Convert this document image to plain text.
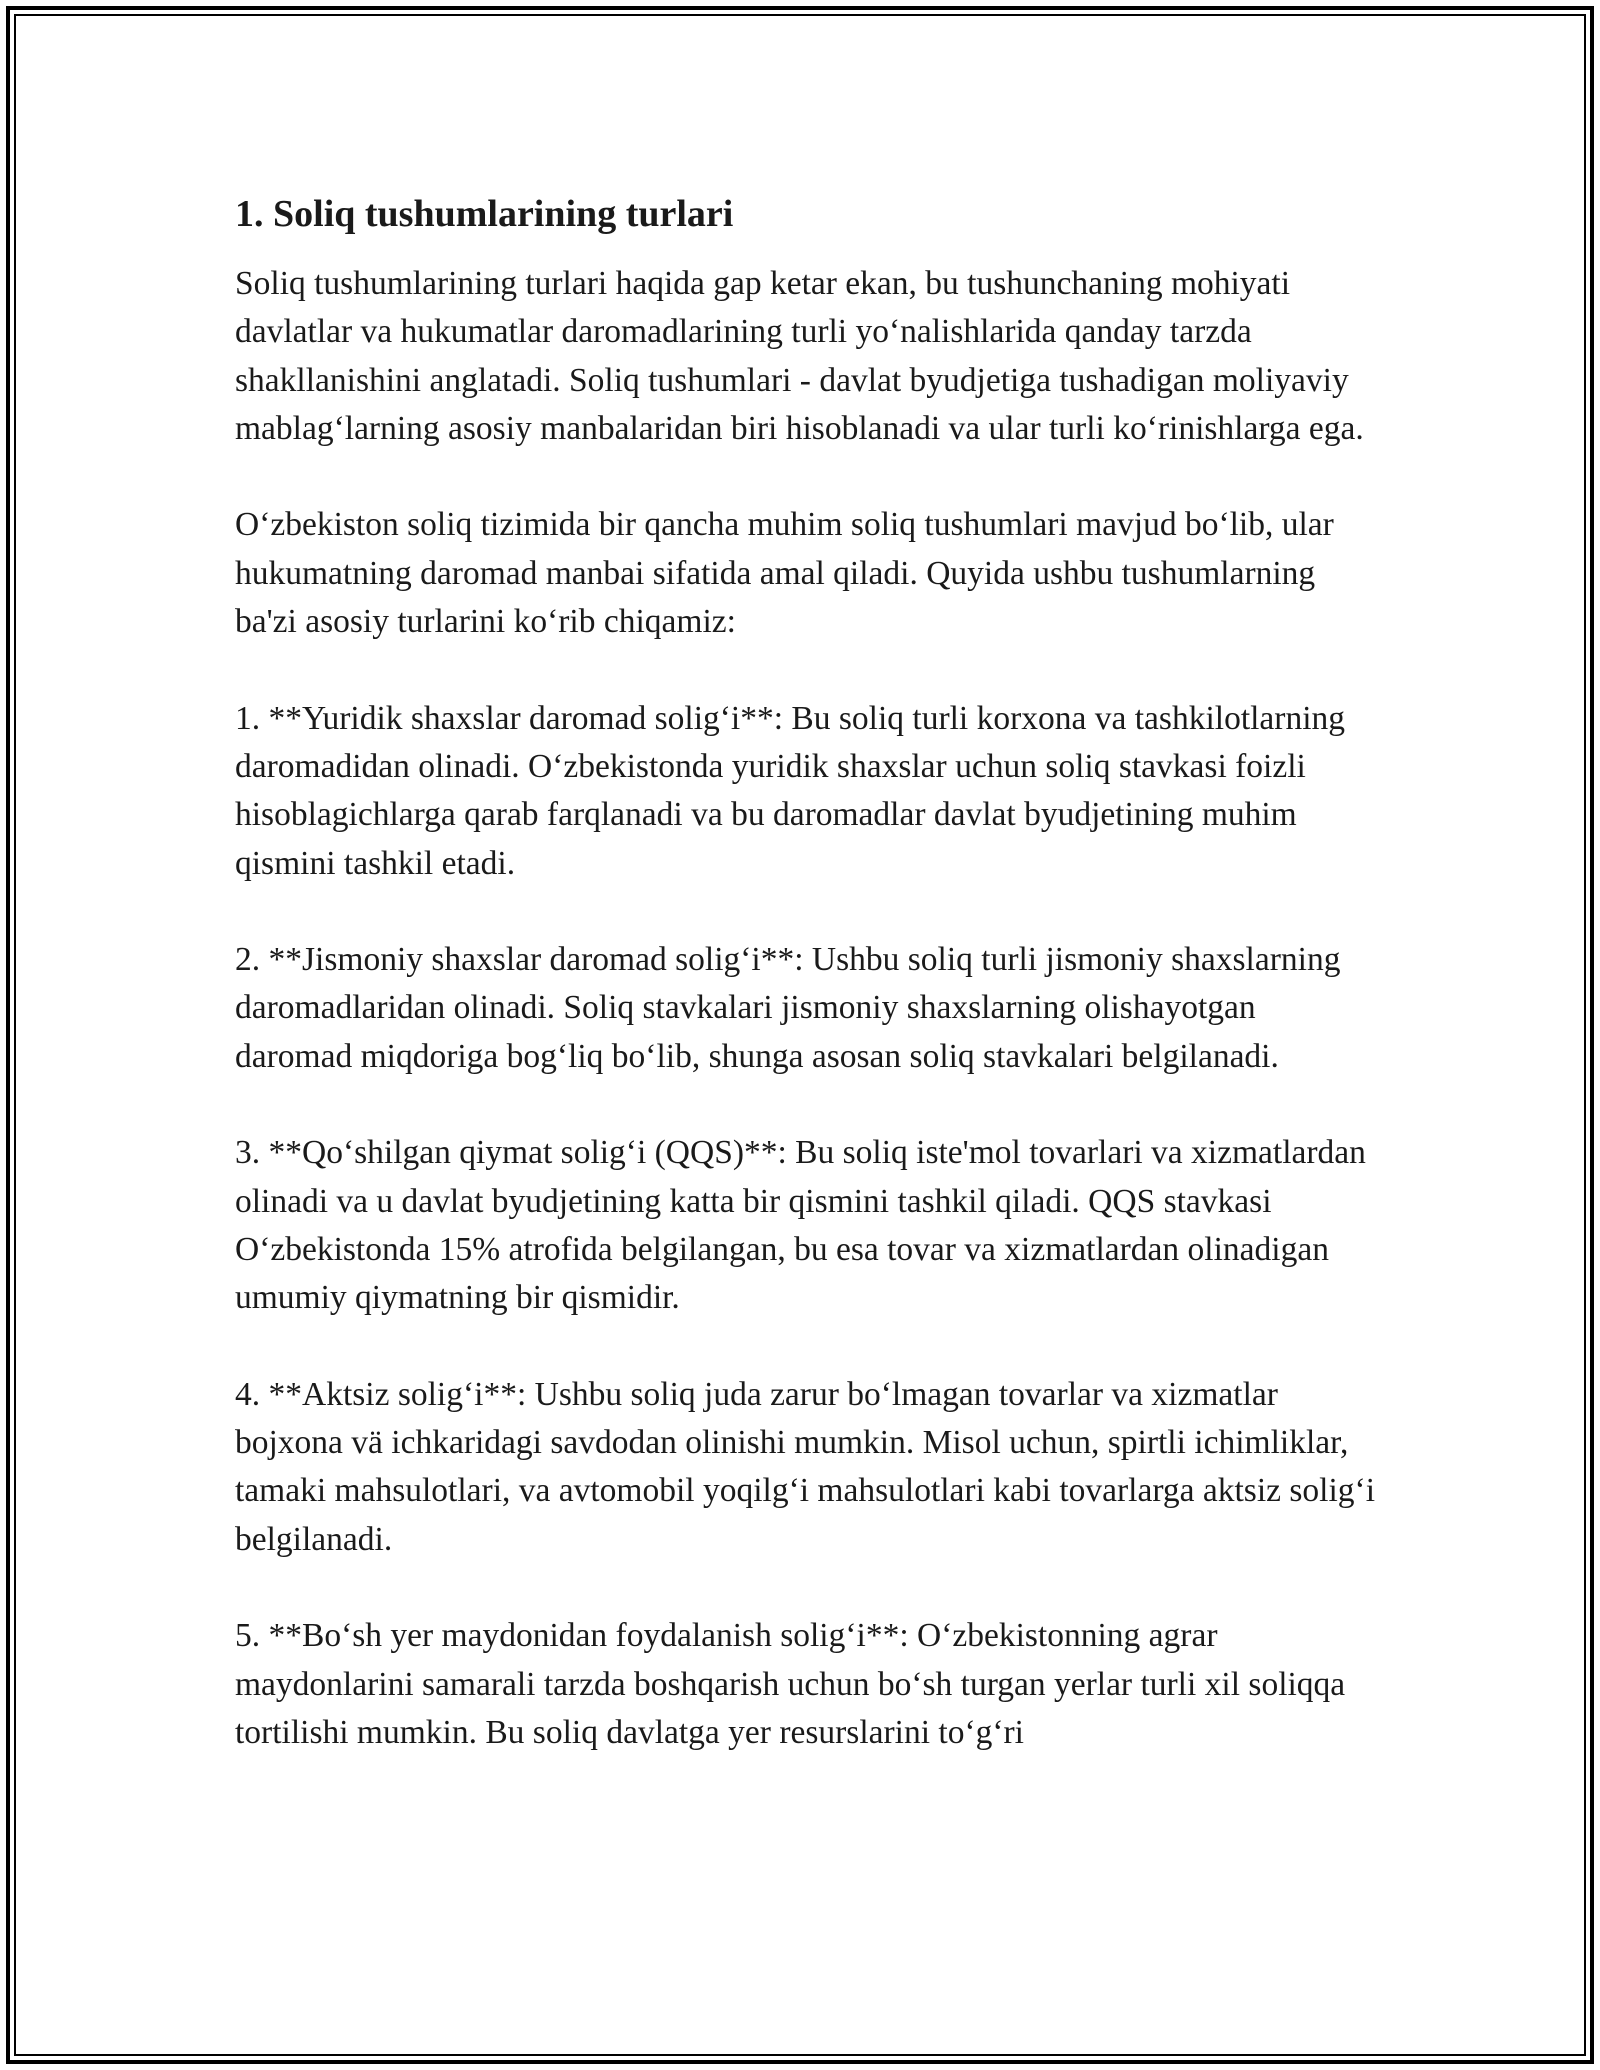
1. Soliq tushumlarining turlari

Soliq tushumlarining turlari haqida gap ketar ekan, bu tushunchaning mohiyati davlatlar va hukumatlar daromadlarining turli yo‘nalishlarida qanday tarzda shakllanishini anglatadi. Soliq tushumlari - davlat byudjetiga tushadigan moliyaviy mablag‘larning asosiy manbalaridan biri hisoblanadi va ular turli ko‘rinishlarga ega.

O‘zbekiston soliq tizimida bir qancha muhim soliq tushumlari mavjud bo‘lib, ular hukumatning daromad manbai sifatida amal qiladi. Quyida ushbu tushumlarning ba'zi asosiy turlarini ko‘rib chiqamiz:

1. **Yuridik shaxslar daromad solig‘i**: Bu soliq turli korxona va tashkilotlarning daromadidan olinadi. O‘zbekistonda yuridik shaxslar uchun soliq stavkasi foizli hisoblagichlarga qarab farqlanadi va bu daromadlar davlat byudjetining muhim qismini tashkil etadi.

2. **Jismoniy shaxslar daromad solig‘i**: Ushbu soliq turli jismoniy shaxslarning daromadlaridan olinadi. Soliq stavkalari jismoniy shaxslarning olishayotgan daromad miqdoriga bog‘liq bo‘lib, shunga asosan soliq stavkalari belgilanadi.

3. **Qo‘shilgan qiymat solig‘i (QQS)**: Bu soliq iste'mol tovarlari va xizmatlardan olinadi va u davlat byudjetining katta bir qismini tashkil qiladi. QQS stavkasi O‘zbekistonda 15% atrofida belgilangan, bu esa tovar va xizmatlardan olinadigan umumiy qiymatning bir qismidir.

4. **Aktsiz solig‘i**: Ushbu soliq juda zarur bo‘lmagan tovarlar va xizmatlar bojxona vä ichkaridagi savdodan olinishi mumkin. Misol uchun, spirtli ichimliklar, tamaki mahsulotlari, va avtomobil yoqilg‘i mahsulotlari kabi tovarlarga aktsiz solig‘i belgilanadi.

5. **Bo‘sh yer maydonidan foydalanish solig‘i**: O‘zbekistonning agrar maydonlarini samarali tarzda boshqarish uchun bo‘sh turgan yerlar turli xil soliqqa tortilishi mumkin. Bu soliq davlatga yer resurslarini to‘g‘ri
